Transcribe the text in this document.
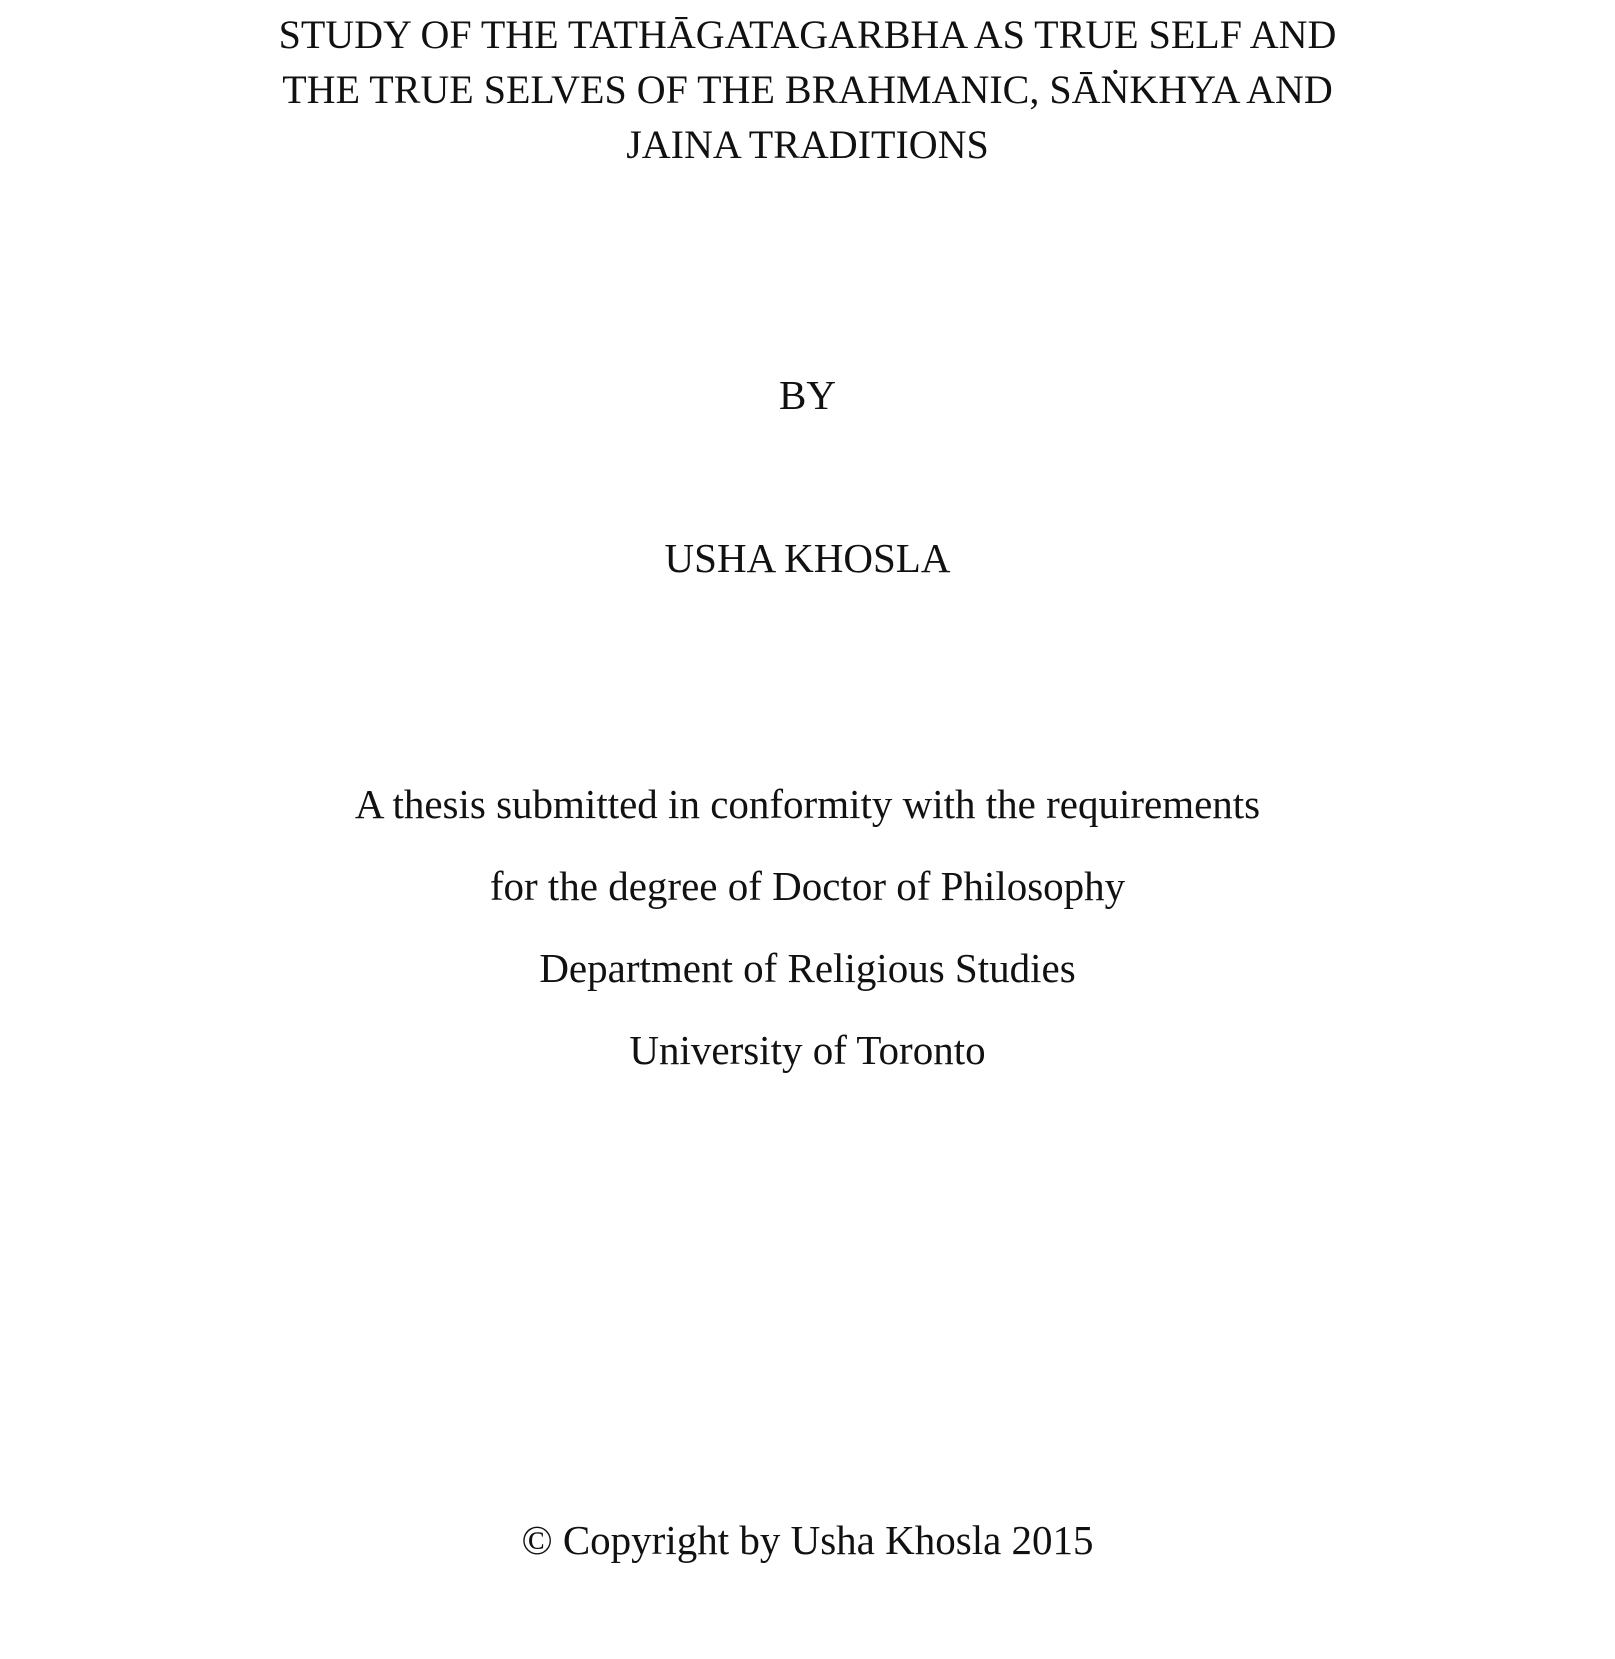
STUDY OF THE TATHĀGATAGARBHA AS TRUE SELF AND
THE TRUE SELVES OF THE BRAHMANIC, SĀṄKHYA AND
JAINA TRADITIONS
BY
USHA KHOSLA
A thesis submitted in conformity with the requirements
for the degree of Doctor of Philosophy
Department of Religious Studies
University of Toronto
© Copyright by Usha Khosla 2015
